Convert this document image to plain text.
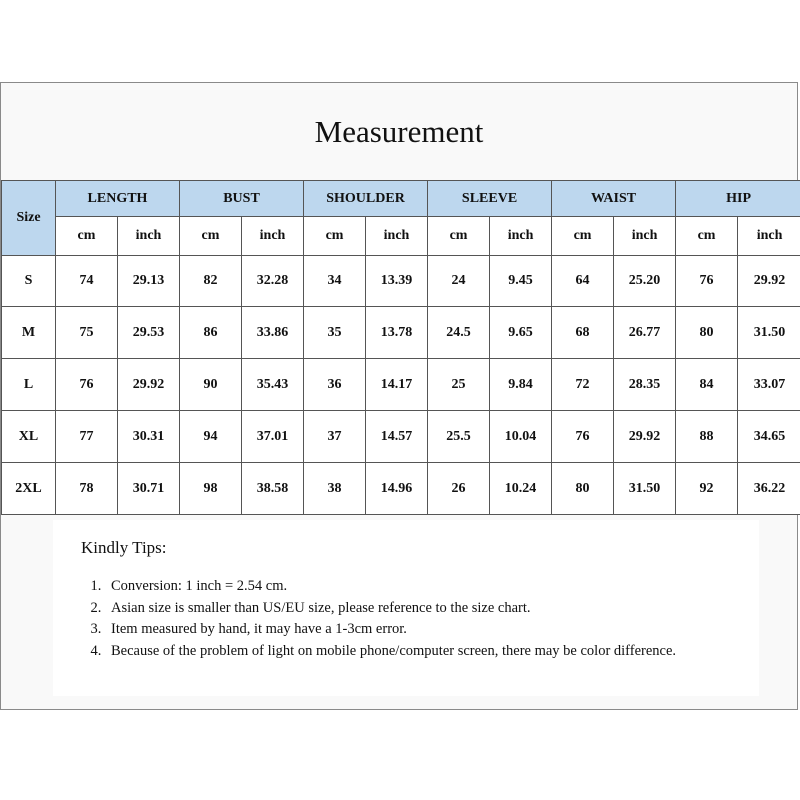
Measurement
Size	LENGTH		BUST		SHOULDER		SLEEVE		WAIST		HIP	
	cm	inch	cm	inch	cm	inch	cm	inch	cm	inch	cm	inch
S	74	29.13	82	32.28	34	13.39	24	9.45	64	25.20	76	29.92
M	75	29.53	86	33.86	35	13.78	24.5	9.65	68	26.77	80	31.50
L	76	29.92	90	35.43	36	14.17	25	9.84	72	28.35	84	33.07
XL	77	30.31	94	37.01	37	14.57	25.5	10.04	76	29.92	88	34.65
2XL	78	30.71	98	38.58	38	14.96	26	10.24	80	31.50	92	36.22
Kindly Tips:
1. Conversion: 1 inch = 2.54 cm.
2. Asian size is smaller than US/EU size, please reference to the size chart.
3. Item measured by hand, it may have a 1-3cm error.
4. Because of the problem of light on mobile phone/computer screen, there may be color difference.
